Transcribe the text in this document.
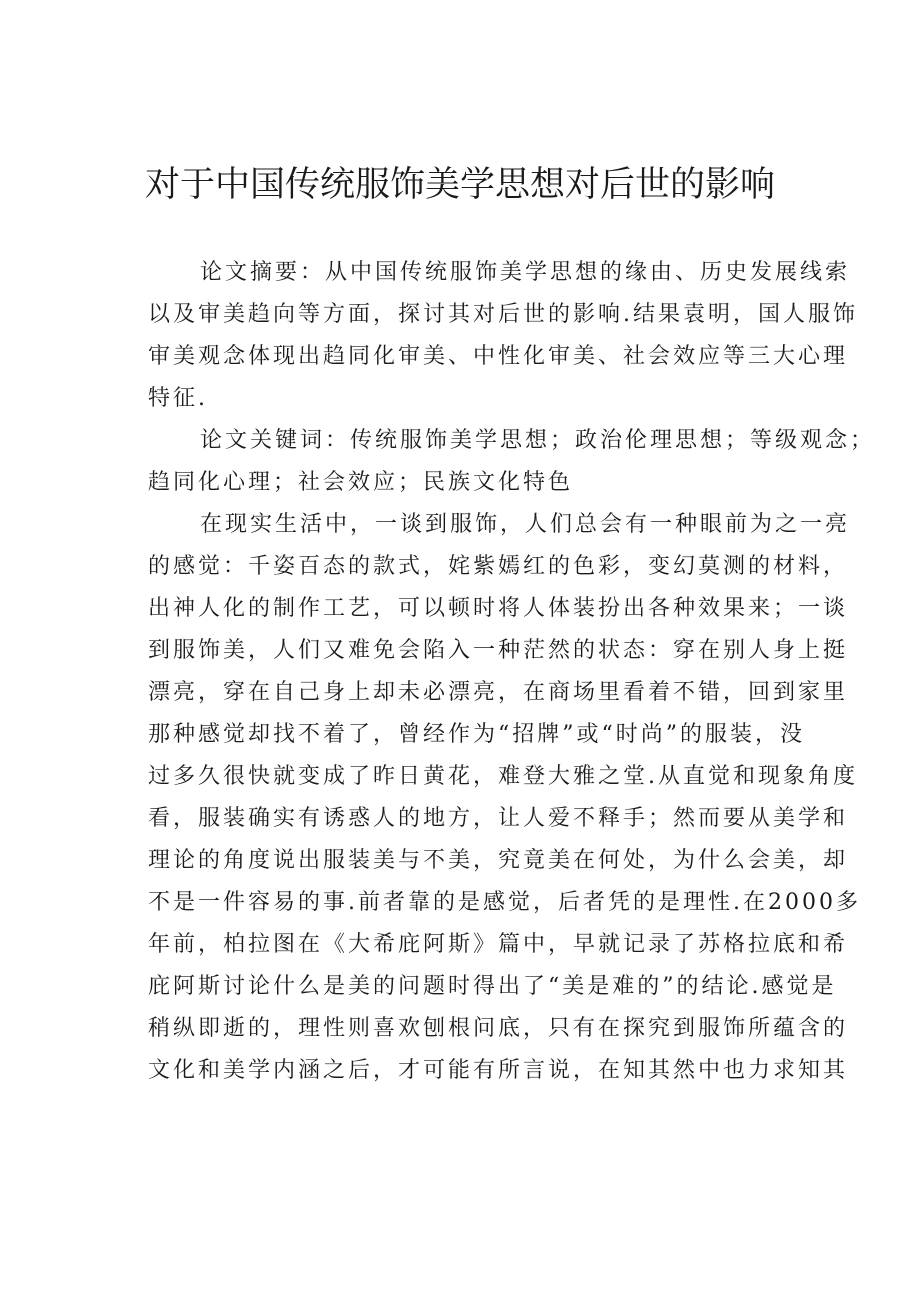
对于中国传统服饰美学思想对后世的影响
论文摘要：从中国传统服饰美学思想的缘由、历史发展线索
以及审美趋向等方面，探讨其对后世的影响.结果袁明，国人服饰
审美观念体现出趋同化审美、中性化审美、社会效应等三大心理
特征.
论文关键词：传统服饰美学思想；政治伦理思想；等级观念；
趋同化心理；社会效应；民族文化特色
在现实生活中，一谈到服饰，人们总会有一种眼前为之一亮
的感觉：千姿百态的款式，姹紫嫣红的色彩，变幻莫测的材料，
出神人化的制作工艺，可以顿时将人体装扮出各种效果来；一谈
到服饰美，人们又难免会陷入一种茫然的状态：穿在别人身上挺
漂亮，穿在自己身上却未必漂亮，在商场里看着不错，回到家里
那种感觉却找不着了，曾经作为“招牌”或“时尚”的服装，没
过多久很快就变成了昨日黄花，难登大雅之堂.从直觉和现象角度
看，服装确实有诱惑人的地方，让人爱不释手；然而要从美学和
理论的角度说出服装美与不美，究竟美在何处，为什么会美，却
不是一件容易的事.前者靠的是感觉，后者凭的是理性.在2000多
年前，柏拉图在《大希庇阿斯》篇中，早就记录了苏格拉底和希
庇阿斯讨论什么是美的问题时得出了“美是难的”的结论.感觉是
稍纵即逝的，理性则喜欢刨根问底，只有在探究到服饰所蕴含的
文化和美学内涵之后，才可能有所言说，在知其然中也力求知其
